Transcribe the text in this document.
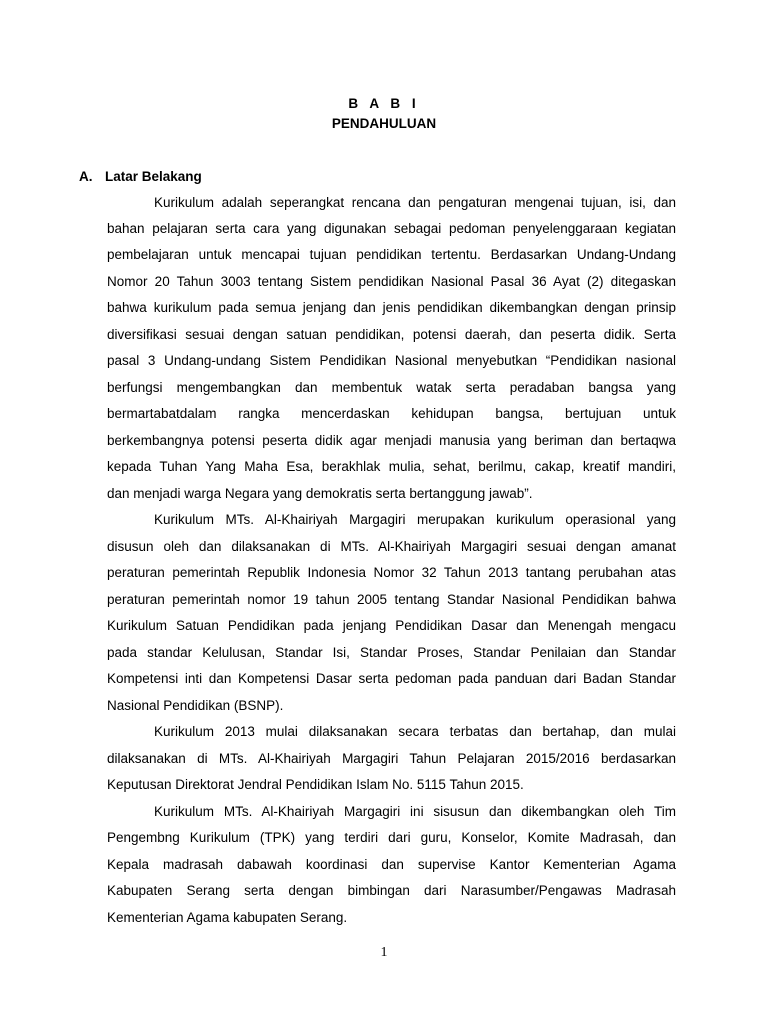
B A B I
PENDAHULUAN
A. Latar Belakang
Kurikulum adalah seperangkat rencana dan pengaturan mengenai tujuan, isi, dan
bahan pelajaran serta cara yang digunakan sebagai pedoman penyelenggaraan kegiatan
pembelajaran untuk mencapai tujuan pendidikan tertentu. Berdasarkan Undang-Undang
Nomor 20 Tahun 3003 tentang Sistem pendidikan Nasional Pasal 36 Ayat (2) ditegaskan
bahwa kurikulum pada semua jenjang dan jenis pendidikan dikembangkan dengan prinsip
diversifikasi sesuai dengan satuan pendidikan, potensi daerah, dan peserta didik. Serta
pasal 3 Undang-undang Sistem Pendidikan Nasional menyebutkan “Pendidikan nasional
berfungsi mengembangkan dan membentuk watak serta peradaban bangsa yang
bermartabatdalam rangka mencerdaskan kehidupan bangsa, bertujuan untuk
berkembangnya potensi peserta didik agar menjadi manusia yang beriman dan bertaqwa
kepada Tuhan Yang Maha Esa, berakhlak mulia, sehat, berilmu, cakap, kreatif mandiri,
dan menjadi warga Negara yang demokratis serta bertanggung jawab”.
Kurikulum MTs. Al-Khairiyah Margagiri merupakan kurikulum operasional yang
disusun oleh dan dilaksanakan di MTs. Al-Khairiyah Margagiri sesuai dengan amanat
peraturan pemerintah Republik Indonesia Nomor 32 Tahun 2013 tantang perubahan atas
peraturan pemerintah nomor 19 tahun 2005 tentang Standar Nasional Pendidikan bahwa
Kurikulum Satuan Pendidikan pada jenjang Pendidikan Dasar dan Menengah mengacu
pada standar Kelulusan, Standar Isi, Standar Proses, Standar Penilaian dan Standar
Kompetensi inti dan Kompetensi Dasar serta pedoman pada panduan dari Badan Standar
Nasional Pendidikan (BSNP).
Kurikulum 2013 mulai dilaksanakan secara terbatas dan bertahap, dan mulai
dilaksanakan di MTs. Al-Khairiyah Margagiri Tahun Pelajaran 2015/2016 berdasarkan
Keputusan Direktorat Jendral Pendidikan Islam No. 5115 Tahun 2015.
Kurikulum MTs. Al-Khairiyah Margagiri ini sisusun dan dikembangkan oleh Tim
Pengembng Kurikulum (TPK) yang terdiri dari guru, Konselor, Komite Madrasah, dan
Kepala madrasah dabawah koordinasi dan supervise Kantor Kementerian Agama
Kabupaten Serang serta dengan bimbingan dari Narasumber/Pengawas Madrasah
Kementerian Agama kabupaten Serang.
1
